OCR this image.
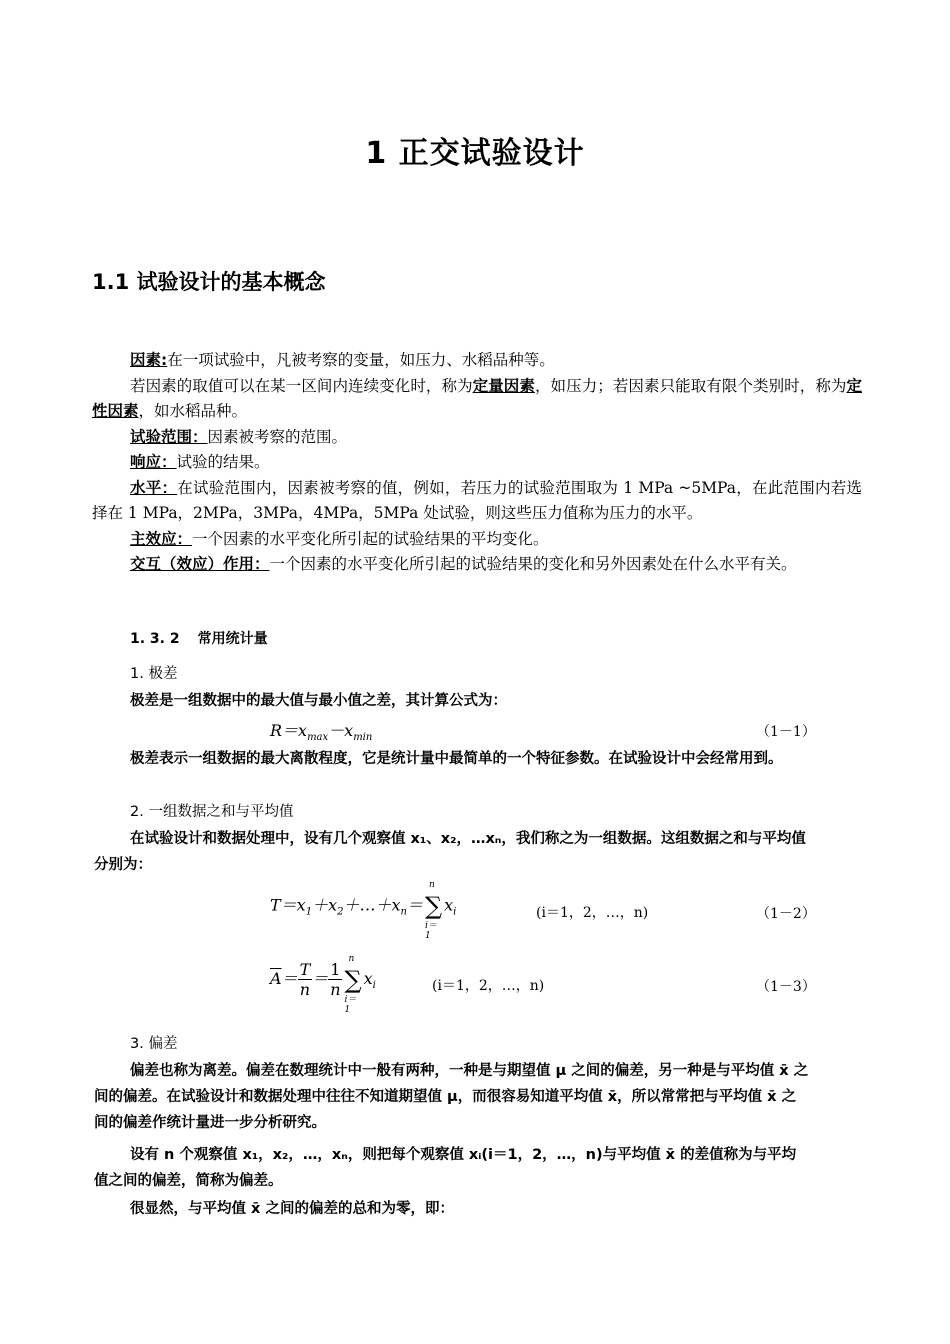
1 正交试验设计
1.1 试验设计的基本概念

因素:在一项试验中，凡被考察的变量，如压力、水稻品种等。

若因素的取值可以在某一区间内连续变化时，称为定量因素，如压力；若因素只能取有限个类别时，称为定性因素，如水稻品种。

试验范围：因素被考察的范围。

响应：试验的结果。

水平：在试验范围内，因素被考察的值，例如，若压力的试验范围取为 1 MPa ~5MPa，在此范围内若选择在 1 MPa，2MPa，3MPa，4MPa，5MPa 处试验，则这些压力值称为压力的水平。

主效应：一个因素的水平变化所引起的试验结果的平均变化。

交互（效应）作用：一个因素的水平变化所引起的试验结果的变化和另外因素处在什么水平有关。

1. 3. 2 常用统计量
1. 极差

极差是一组数据中的最大值与最小值之差，其计算公式为：

$R=x_{max}-x_{min}$	（1－1）

极差表示一组数据的最大离散程度，它是统计量中最简单的一个特征参数。在试验设计中会经常用到。

2. 一组数据之和与平均值

在试验设计和数据处理中，设有几个观察值 x₁、x₂，…xₙ，我们称之为一组数据。这组数据之和与平均值分别为：

$T=x_1+x_2+\dots+x_n=\sum$
n
i＝1
$x_i$	(i＝1，2，…，n)	（1－2）
$\overline{A}= \frac{T}{n} = \frac{1}{n}$ ∑
n
i＝1
$x_i$	(i＝1，2，…，n)	（1－3）
3. 偏差

偏差也称为离差。偏差在数理统计中一般有两种，一种是与期望值 μ 之间的偏差，另一种是与平均值 x̄ 之间的偏差。在试验设计和数据处理中往往不知道期望值 μ，而很容易知道平均值 x̄，所以常常把与平均值 x̄ 之间的偏差作统计量进一步分析研究。

设有 n 个观察值 x₁，x₂，…，xₙ，则把每个观察值 xᵢ(i＝1，2，…，n)与平均值 x̄ 的差值称为与平均值之间的偏差，简称为偏差。

很显然，与平均值 x̄ 之间的偏差的总和为零，即：
